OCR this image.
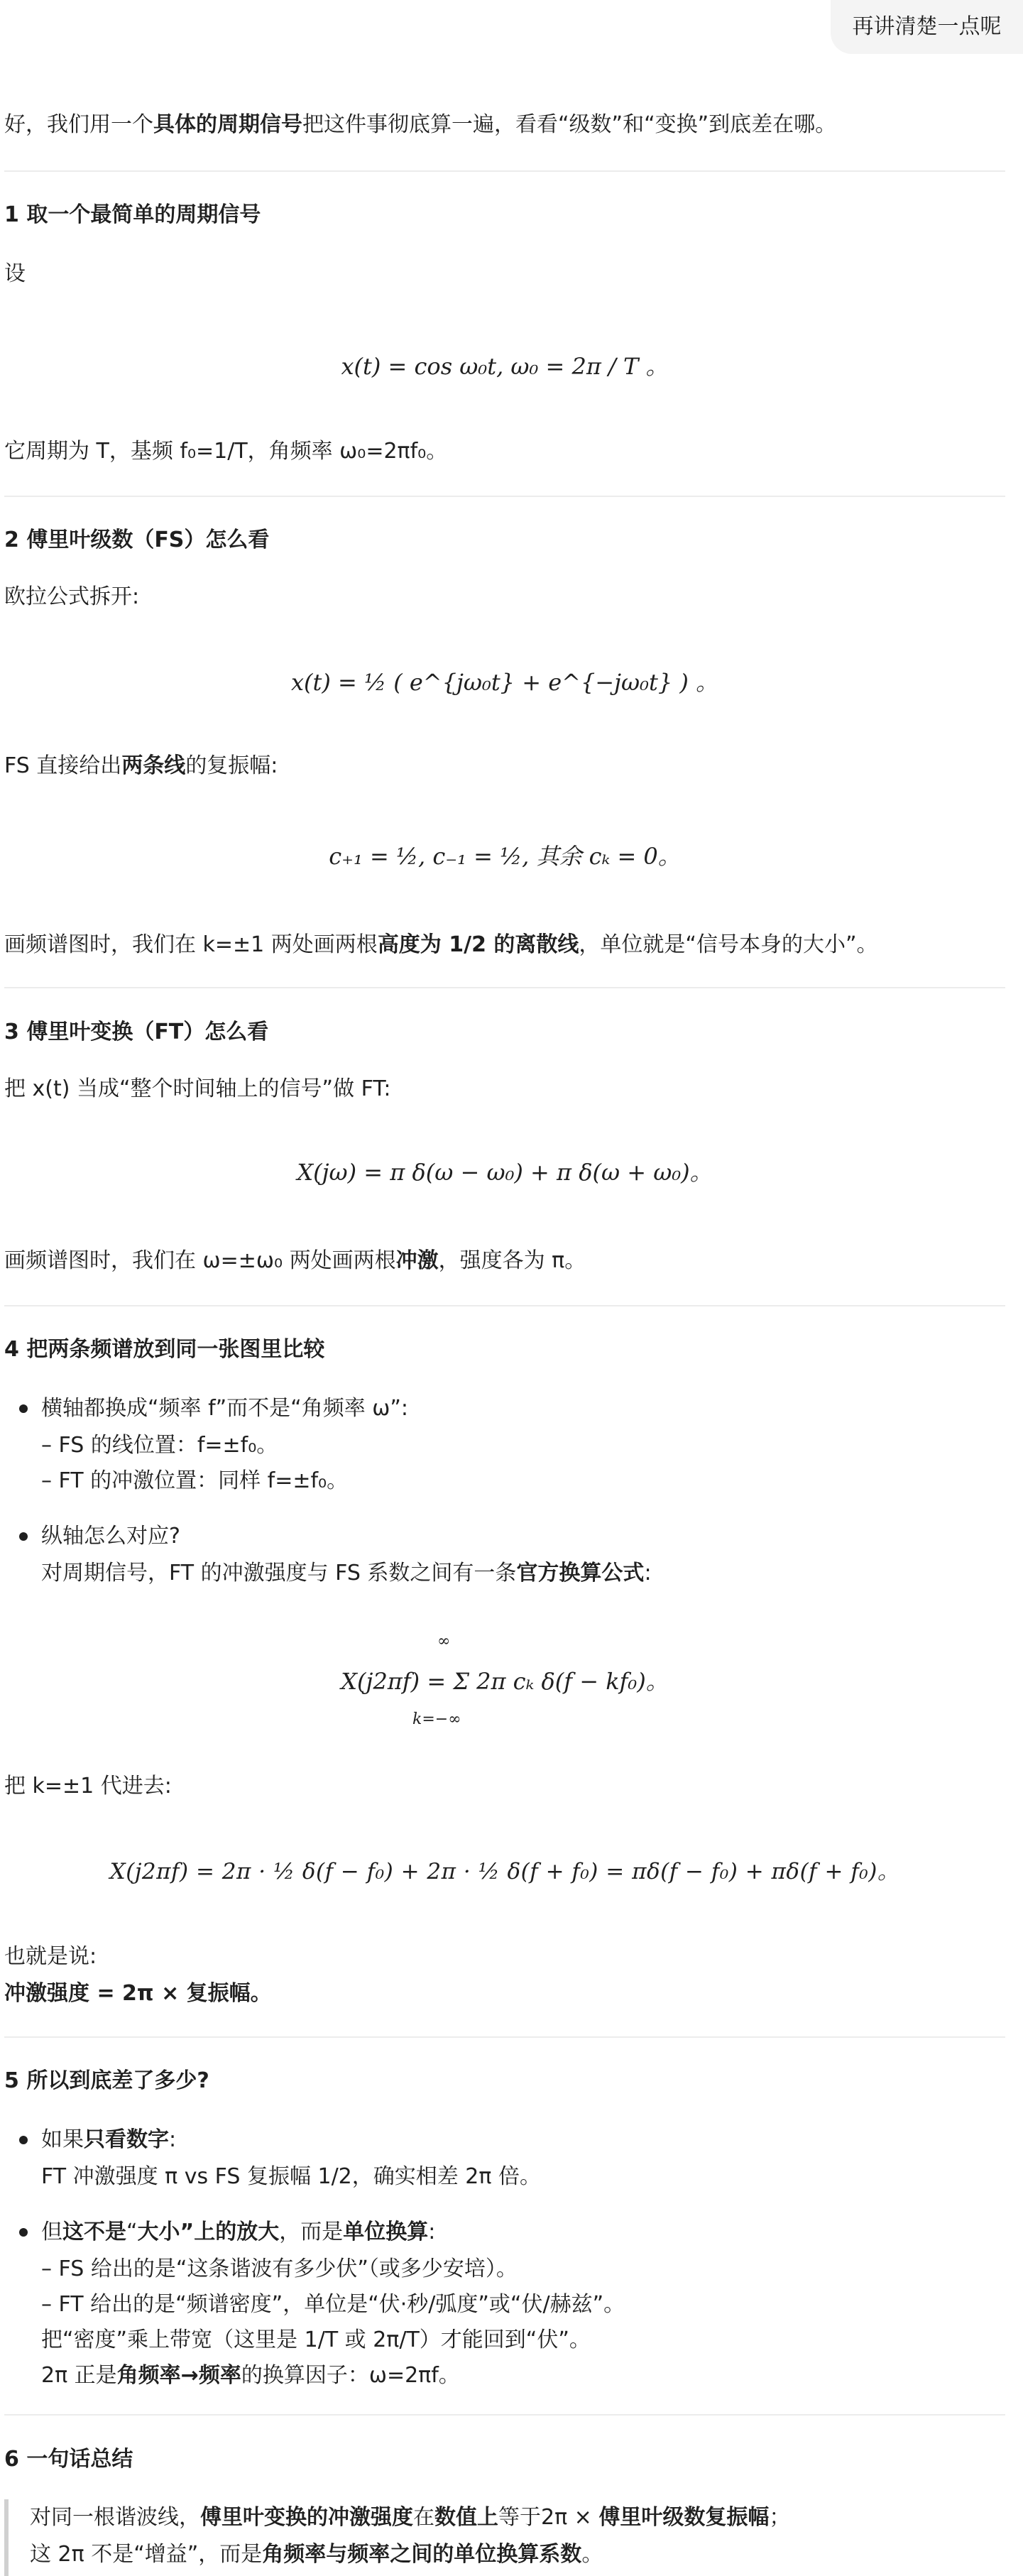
再讲清楚一点呢

好，我们用一个具体的周期信号把这件事彻底算一遍，看看“级数”和“变换”到底差在哪。

1 取一个最简单的周期信号

设

x(t) = cos ω₀t, ω₀ = 2π / T 。

它周期为 T，基频 f₀=1/T，角频率 ω₀=2πf₀。

2 傅里叶级数（FS）怎么看

欧拉公式拆开:

x(t) = ½ ( e^{jω₀t} + e^{−jω₀t} ) 。

FS 直接给出两条线的复振幅:

c₊₁ = ½, c₋₁ = ½, 其余 cₖ = 0。

画频谱图时，我们在 k=±1 两处画两根高度为 1/2 的离散线，单位就是“信号本身的大小”。

3 傅里叶变换（FT）怎么看

把 x(t) 当成“整个时间轴上的信号”做 FT:

X(jω) = π δ(ω − ω₀) + π δ(ω + ω₀)。

画频谱图时，我们在 ω=±ω₀ 两处画两根冲激，强度各为 π。

4 把两条频谱放到同一张图里比较

横轴都换成“频率 f”而不是“角频率 ω”:

– FS 的线位置：f=±f₀。

– FT 的冲激位置：同样 f=±f₀。

纵轴怎么对应?

对周期信号，FT 的冲激强度与 FS 系数之间有一条官方换算公式:

∞
k=−∞
X(j2πf) = Σ 2π cₖ δ(f − kf₀)。

把 k=±1 代进去:

X(j2πf) = 2π · ½ δ(f − f₀) + 2π · ½ δ(f + f₀) = πδ(f − f₀) + πδ(f + f₀)。

也就是说:

冲激强度 = 2π × 复振幅。

5 所以到底差了多少?

如果只看数字:

FT 冲激强度 π vs FS 复振幅 1/2，确实相差 2π 倍。

但这不是“大小”上的放大，而是单位换算:

– FS 给出的是“这条谐波有多少伏”（或多少安培）。

– FT 给出的是“频谱密度”，单位是“伏·秒/弧度”或“伏/赫兹”。

把“密度”乘上带宽（这里是 1/T 或 2π/T）才能回到“伏”。

2π 正是角频率→频率的换算因子：ω=2πf。

6 一句话总结

对同一根谐波线，傅里叶变换的冲激强度在数值上等于2π × 傅里叶级数复振幅；

这 2π 不是“增益”，而是角频率与频率之间的单位换算系数。
